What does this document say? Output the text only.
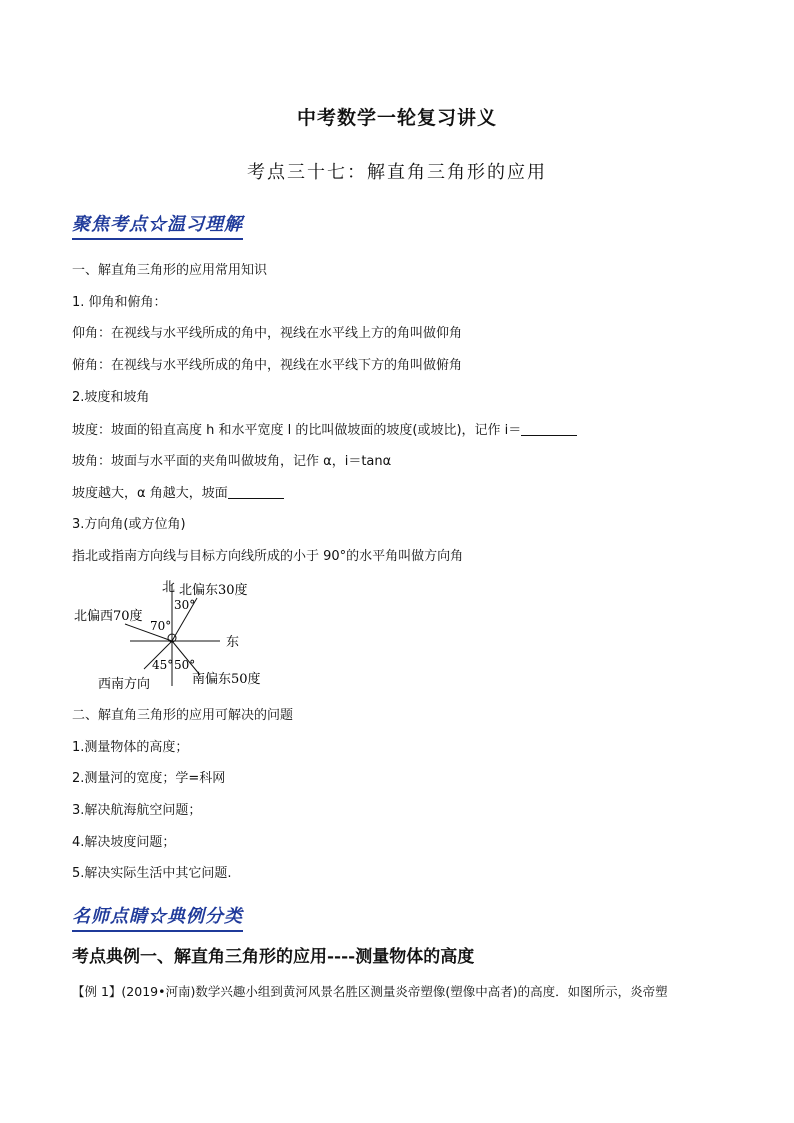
中考数学一轮复习讲义
考点三十七：解直角三角形的应用
聚焦考点☆温习理解
一、解直角三角形的应用常用知识
1. 仰角和俯角：
仰角：在视线与水平线所成的角中，视线在水平线上方的角叫做仰角
俯角：在视线与水平线所成的角中，视线在水平线下方的角叫做俯角
2.坡度和坡角
坡度：坡面的铅直高度 h 和水平宽度 l 的比叫做坡面的坡度(或坡比)，记作 i＝
坡角：坡面与水平面的夹角叫做坡角，记作 α，i＝tanα
坡度越大，α 角越大，坡面
3.方向角(或方位角)
指北或指南方向线与目标方向线所成的小于 90°的水平角叫做方向角
北 北偏东30度
30°
北偏西70度
70°
东
45° 50°
西南方向	南偏东50度
二、解直角三角形的应用可解决的问题
1.测量物体的高度；
2.测量河的宽度；学=科网
3.解决航海航空问题；
4.解决坡度问题；
5.解决实际生活中其它问题.
名师点睛☆典例分类
考点典例一、解直角三角形的应用----测量物体的高度
【例 1】(2019•河南)数学兴趣小组到黄河风景名胜区测量炎帝塑像(塑像中高者)的高度．如图所示，炎帝塑
